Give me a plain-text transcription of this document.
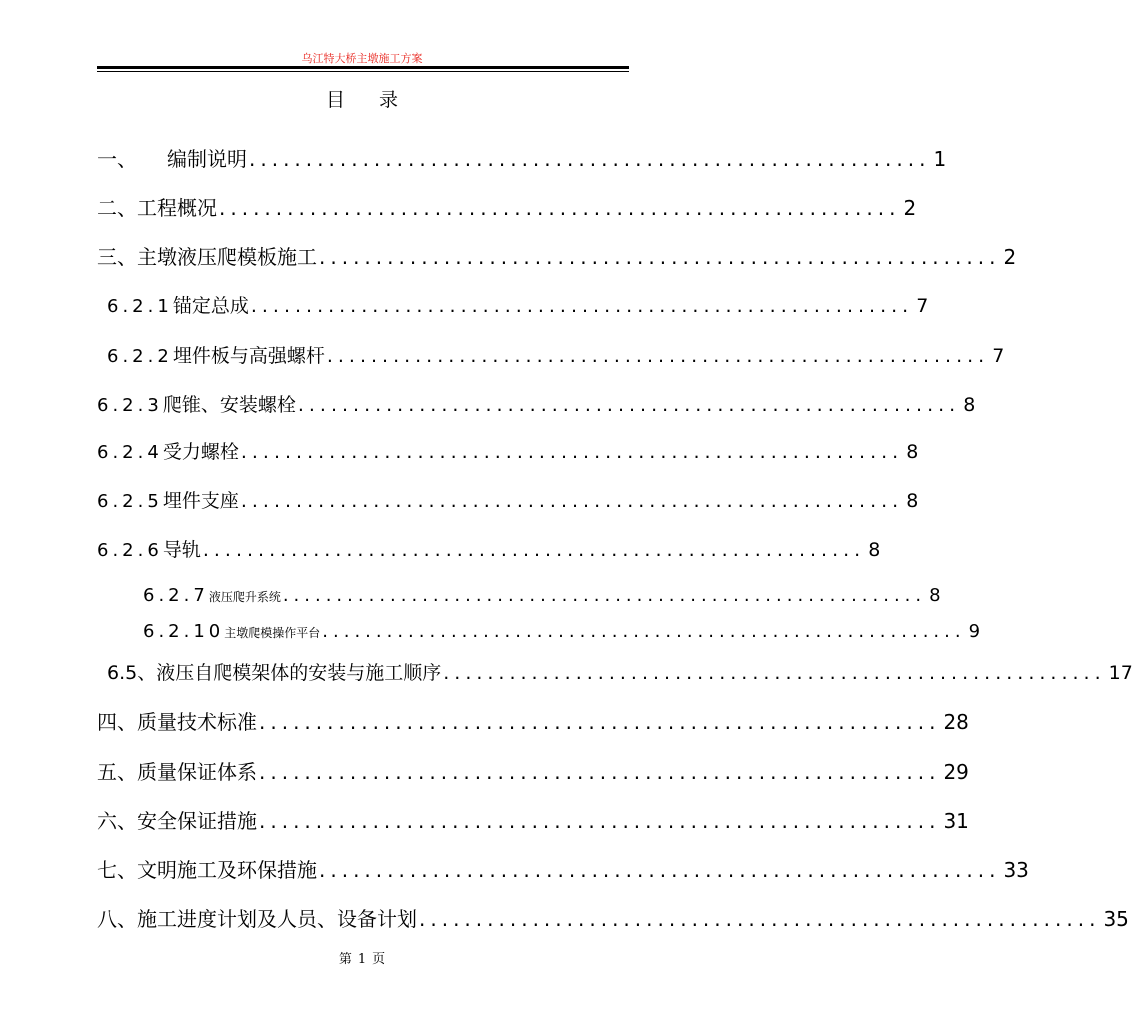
乌江特大桥主墩施工方案
目 录
一、 编制说明 ............................................................ 1
二、工程概况 ............................................................ 2
三、主墩液压爬模板施工 ............................................................ 2
6.2.1锚定总成 ............................................................ 7
6.2.2埋件板与高强螺杆 ............................................................ 7
6.2.3爬锥、安装螺栓 ............................................................ 8
6.2.4受力螺栓 ............................................................ 8
6.2.5埋件支座 ............................................................ 8
6.2.6导轨 ............................................................ 8
6.2.7液压爬升系统 ............................................................ 8
6.2.10主墩爬模操作平台 ............................................................ 9
6.5、液压自爬模架体的安装与施工顺序 ............................................................ 17
四、质量技术标准 ............................................................ 28
五、质量保证体系 ............................................................ 29
六、安全保证措施 ............................................................ 31
七、文明施工及环保措施 ............................................................ 33
八、施工进度计划及人员、设备计划 ............................................................ 35
第 1 页
